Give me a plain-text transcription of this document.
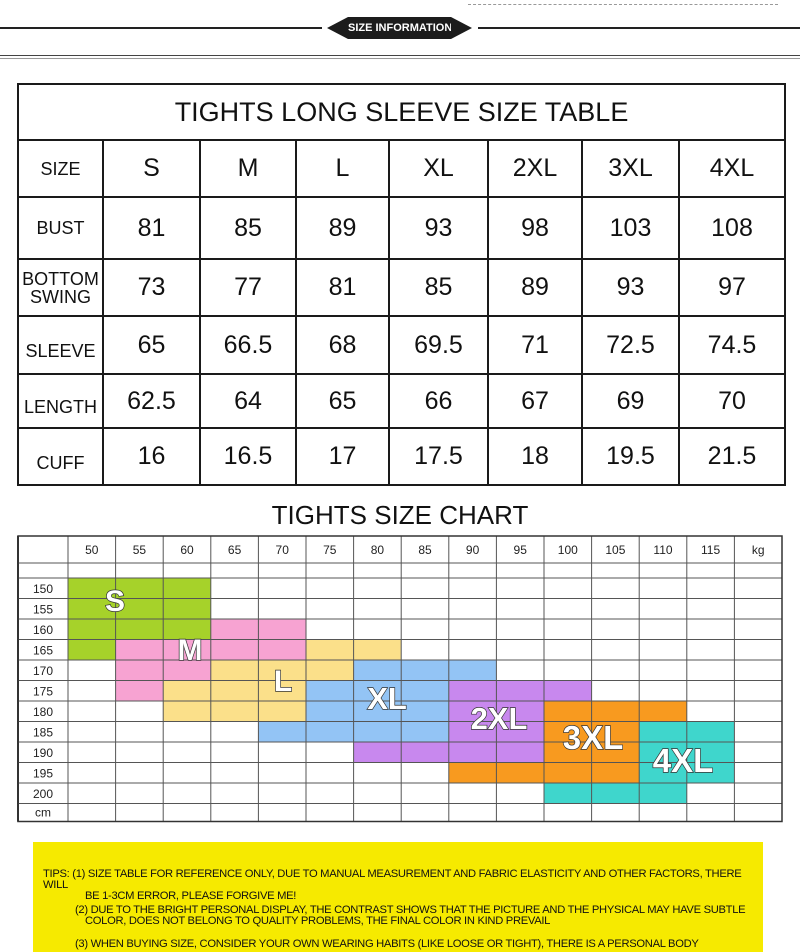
SIZE INFORMATION
TIGHTS LONG SLEEVE SIZE TABLE							
SIZE	S	M	L	XL	2XL	3XL	4XL

BUST	81	85	89	93	98	103	108

BOTTOM
SWING	73	77	81	85	89	93	97

SLEEVE	65	66.5	68	69.5	71	72.5	74.5

LENGTH	62.5	64	65	66	67	69	70

CUFF	16	16.5	17	17.5	18	19.5	21.5
TIGHTS SIZE CHART
50	55	60	65	70	75	80	85	90	95	100 105 110 115	kg
150
155
160
165
170
175
180
185
190
195
200
cm
S
M
L XL
2XL
3XL
4XL
TIPS: (1) SIZE TABLE FOR REFERENCE ONLY, DUE TO MANUAL MEASUREMENT AND FABRIC ELASTICITY AND OTHER FACTORS, THERE WILL
BE 1-3CM ERROR, PLEASE FORGIVE ME!
(2) DUE TO THE BRIGHT PERSONAL DISPLAY, THE CONTRAST SHOWS THAT THE PICTURE AND THE PHYSICAL MAY HAVE SUBTLE
COLOR, DOES NOT BELONG TO QUALITY PROBLEMS, THE FINAL COLOR IN KIND PREVAIL
(3) WHEN BUYING SIZE, CONSIDER YOUR OWN WEARING HABITS (LIKE LOOSE OR TIGHT), THERE IS A PERSONAL BODY
